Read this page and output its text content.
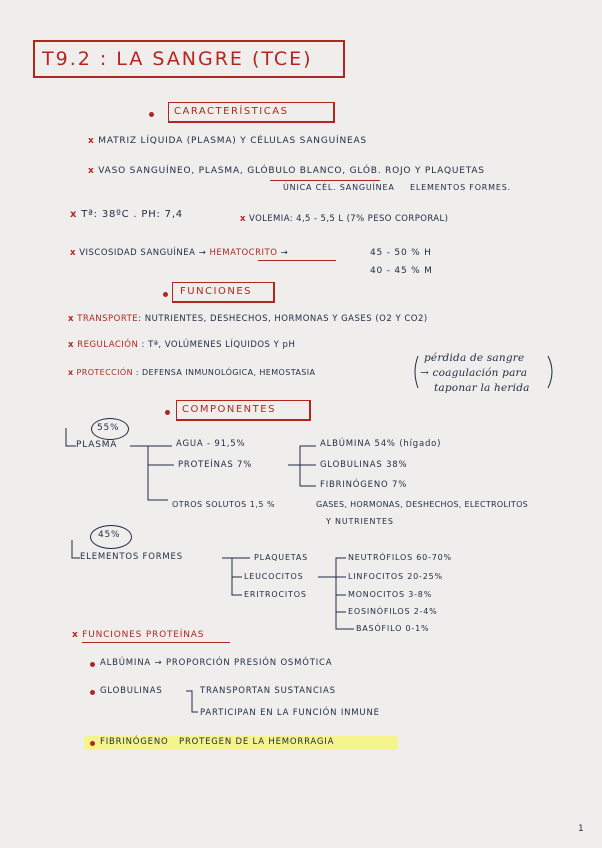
T9.2 : LA SANGRE (TCE)
CARACTERÍSTICAS
x MATRIZ LÍQUIDA (PLASMA) Y CÉLULAS SANGUÍNEAS
x VASO SANGUÍNEO, PLASMA, GLÓBULO BLANCO, GLÓB. ROJO Y PLAQUETAS
ÚNICA CÉL. SANGUÍNEA ELEMENTOS FORMES.
x Tª: 38ºC . PH: 7,4	x VOLEMIA: 4,5 - 5,5 L (7% PESO CORPORAL)
x VISCOSIDAD SANGUÍNEA → HEMATOCRITO →	45 - 50 % H
40 - 45 % M
FUNCIONES
x TRANSPORTE: NUTRIENTES, DESHECHOS, HORMONAS Y GASES (O2 Y CO2)
x REGULACIÓN : Tª, VOLÚMENES LÍQUIDOS Y pH
x PROTECCIÓN : DEFENSA INMUNOLÓGICA, HEMOSTASIA
pérdida de sangre
→ coagulación para
taponar la herida
COMPONENTES
55%
PLASMA	AGUA - 91,5%
PROTEÍNAS 7%
ALBÚMINA 54% (hígado)
GLOBULINAS 38%
FIBRINÓGENO 7%
OTROS SOLUTOS 1,5 %	GASES, HORMONAS, DESHECHOS, ELECTROLITOS
Y NUTRIENTES
45%
ELEMENTOS FORMES	PLAQUETAS
LEUCOCITOS
ERITROCITOS
NEUTRÓFILOS 60-70%
LINFOCITOS 20-25%
MONOCITOS 3-8%
EOSINÓFILOS 2-4%
BASÓFILO 0-1%
x FUNCIONES PROTEÍNAS
ALBÚMINA → PROPORCIÓN PRESIÓN OSMÓTICA
GLOBULINAS	TRANSPORTAN SUSTANCIAS
PARTICIPAN EN LA FUNCIÓN INMUNE
FIBRINÓGENO PROTEGEN DE LA HEMORRAGIA
1
